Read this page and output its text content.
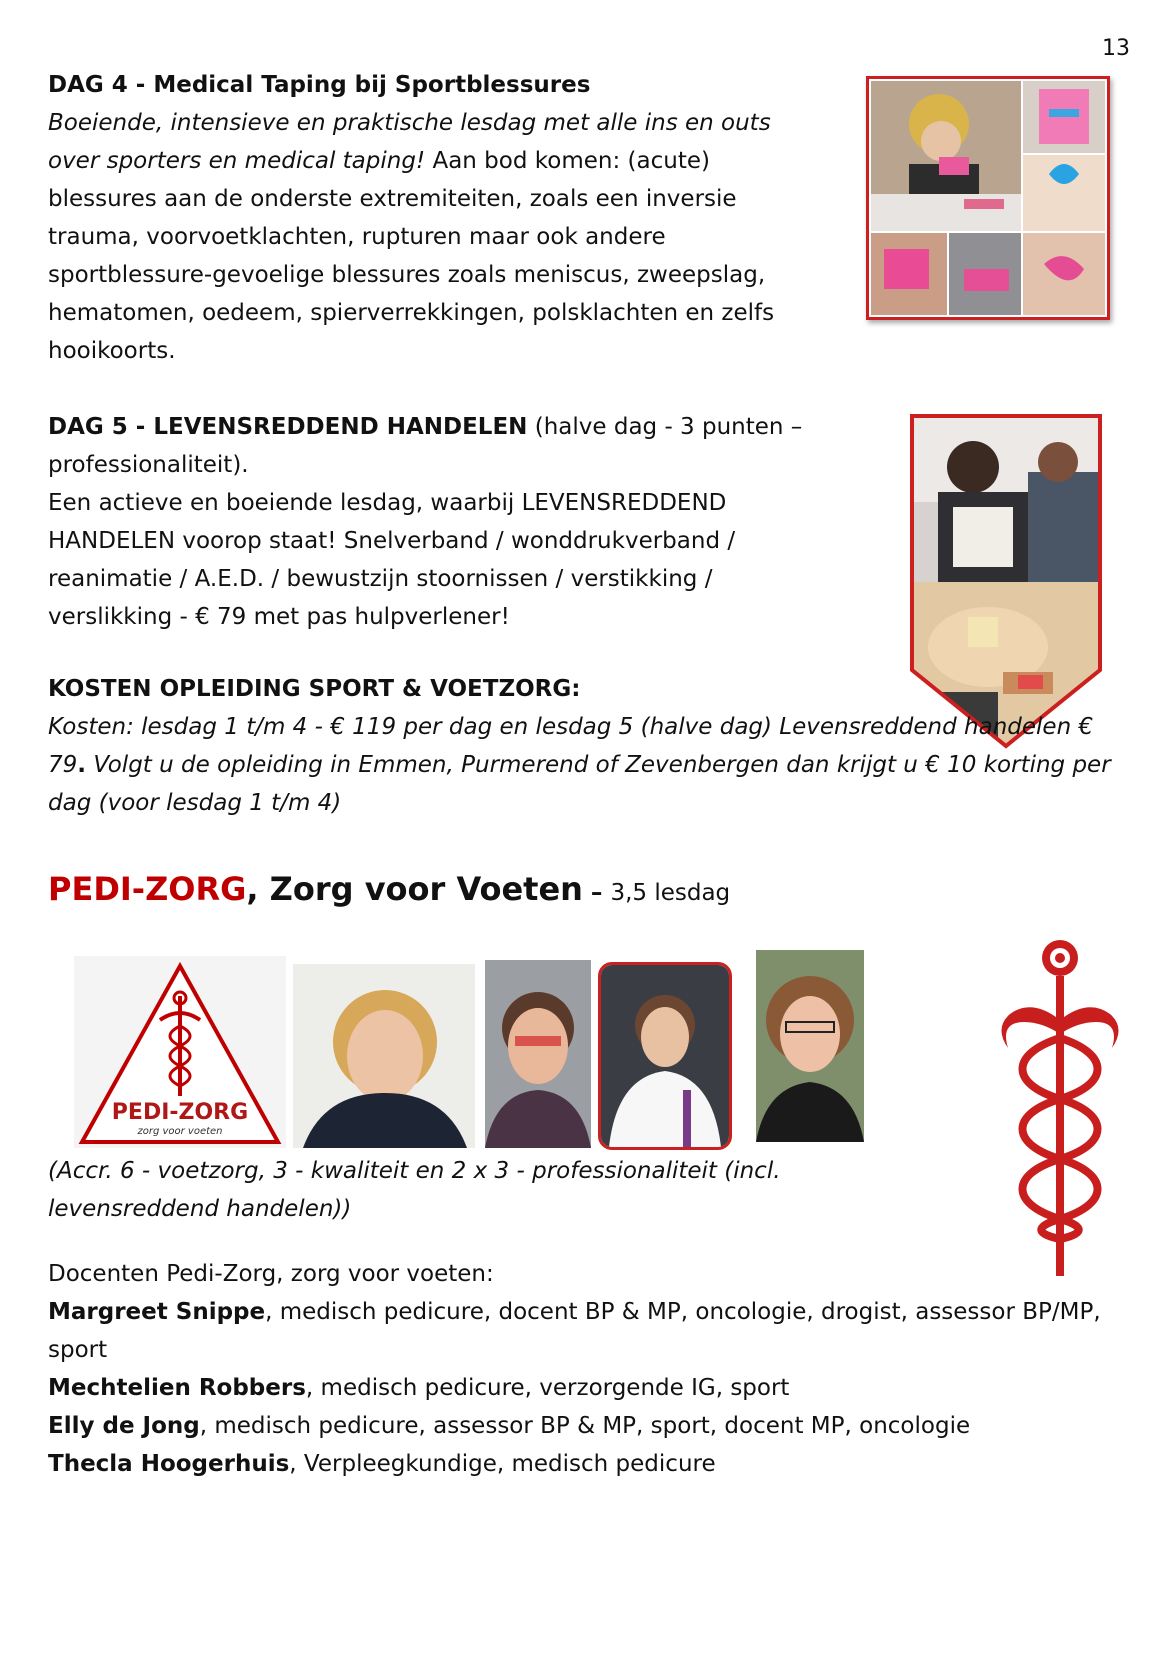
13

DAG 4 - Medical Taping bij Sportblessures

Boeiende, intensieve en praktische lesdag met alle ins en outs over sporters en medical taping! Aan bod komen: (acute) blessures aan de onderste extremiteiten, zoals een inversie trauma, voorvoetklachten, rupturen maar ook andere sportblessure-gevoelige blessures zoals meniscus, zweepslag, hematomen, oedeem, spierverrekkingen, polsklachten en zelfs hooikoorts.

DAG 5 - LEVENSREDDEND HANDELEN (halve dag - 3 punten – professionaliteit).

Een actieve en boeiende lesdag, waarbij LEVENSREDDEND HANDELEN voorop staat! Snelverband / wonddrukverband / reanimatie / A.E.D. / bewustzijn stoornissen / verstikking / verslikking - € 79 met pas hulpverlener!

KOSTEN OPLEIDING SPORT & VOETZORG:

Kosten: lesdag 1 t/m 4 - € 119 per dag en lesdag 5 (halve dag) Levensreddend handelen € 79. Volgt u de opleiding in Emmen, Purmerend of Zevenbergen dan krijgt u € 10 korting per dag (voor lesdag 1 t/m 4)

PEDI-ZORG, Zorg voor Voeten – 3,5 lesdag
PEDI-ZORG
zorg voor voeten

(Accr. 6 - voetzorg, 3 - kwaliteit en 2 x 3 - professionaliteit (incl. levensreddend handelen))

Docenten Pedi-Zorg, zorg voor voeten:

Margreet Snippe, medisch pedicure, docent BP & MP, oncologie, drogist, assessor BP/MP, sport

Mechtelien Robbers, medisch pedicure, verzorgende IG, sport

Elly de Jong, medisch pedicure, assessor BP & MP, sport, docent MP, oncologie

Thecla Hoogerhuis, Verpleegkundige, medisch pedicure
